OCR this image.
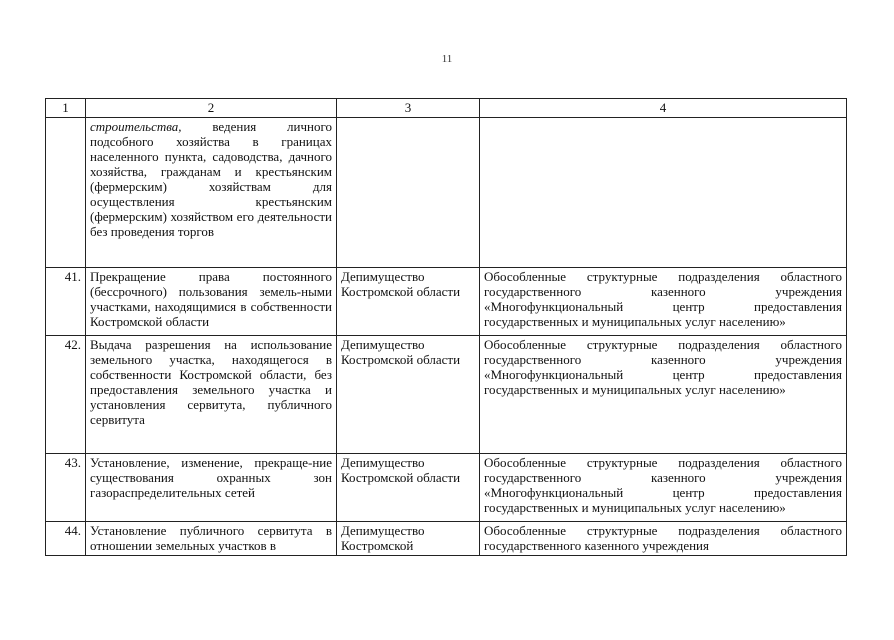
11
1	2	3	4
	строительства, ведения личного подсобного хозяйства в границах населенного пункта, садоводства, дачного хозяйства, гражданам и крестьянским (фермерским) хозяйствам для осуществления крестьянским (фермерским) хозяйством его деятельности без проведения торгов		
41.	Прекращение права постоянного (бессрочного) пользования земель-ными участками, находящимися в собственности Костромской области	Депимущество Костромской области	Обособленные структурные подразделения областного государственного казенного учреждения «Многофункциональный центр предоставления государственных и муниципальных услуг населению»
42.	Выдача разрешения на использование земельного участка, находящегося в собственности Костромской области, без предоставления земельного участка и установления сервитута, публичного сервитута	Депимущество Костромской области	Обособленные структурные подразделения областного государственного казенного учреждения «Многофункциональный центр предоставления государственных и муниципальных услуг населению»
43.	Установление, изменение, прекраще-ние существования охранных зон газораспределительных сетей	Депимущество Костромской области	Обособленные структурные подразделения областного государственного казенного учреждения «Многофункциональный центр предоставления государственных и муниципальных услуг населению»
44.	Установление публичного сервитута в отношении земельных участков в	Депимущество Костромской	Обособленные структурные подразделения областного государственного казенного учреждения
